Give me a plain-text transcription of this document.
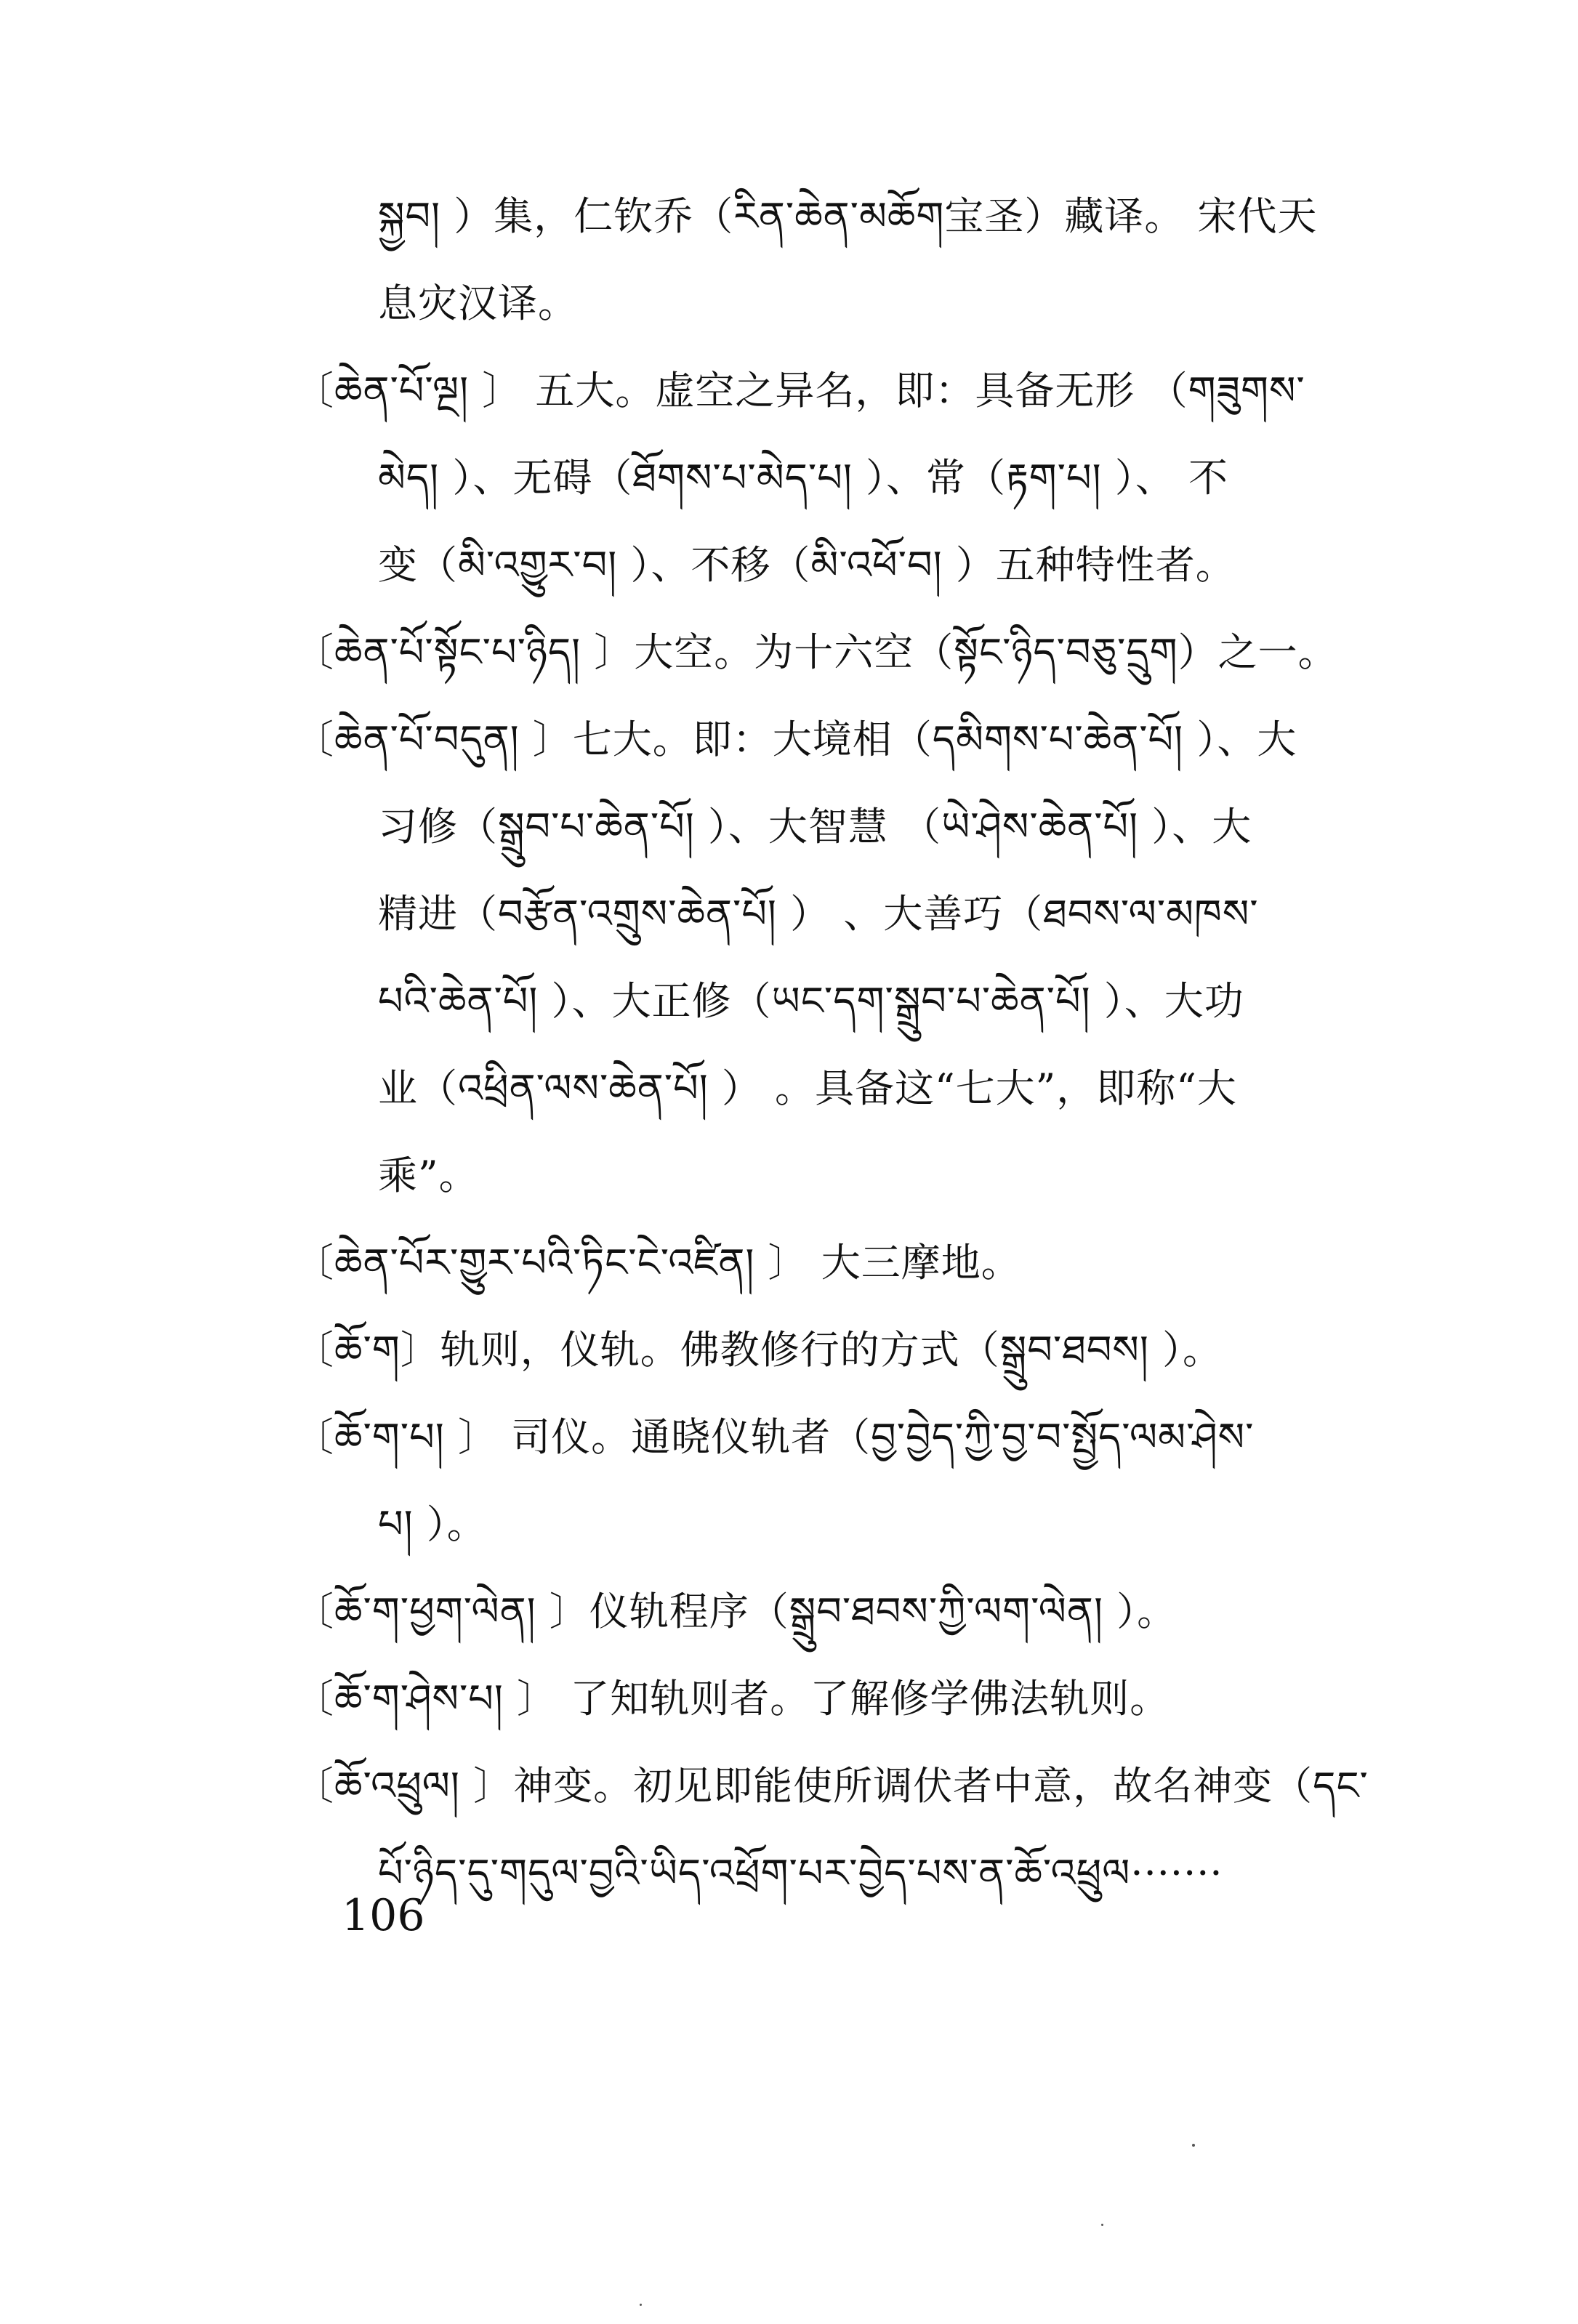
སྐྱབ། ）集，仁钦乔（རིན་ཆེན་མཆོག宝圣）藏译。 宋代天
息灾汉译。
〔ཆེན་པོ་ལྔ། 〕 五大。虚空之异名，即：具备无形 （གཟུགས་
མེད། ）、无碍（ཐོགས་པ་མེད་པ། ）、常（རྟག་པ། ）、 不
变（མི་འགྱུར་བ། ）、不移（མི་འཕོ་བ། ）五种特性者。
〔ཆེན་པོ་སྟོང་པ་ཉིད། 〕大空。为十六空（སྟོང་ཉིད་བཅུ་དྲུག）之一。
〔ཆེན་པོ་བདུན། 〕七大。即：大境相（དམིགས་པ་ཆེན་པོ། ）、大
习修（སྒྲུབ་པ་ཆེན་པོ། ）、大智慧 （ཡེ་ཤེས་ཆེན་པོ། ）、大
精进（བརྩོན་འགྲུས་ཆེན་པོ། ） 、大善巧（ཐབས་ལ་མཁས་
པའི་ཆེན་པོ། ）、大正修（ཡང་དག་སྒྲུབ་པ་ཆེན་པོ། ）、大功
业（འཕྲིན་ལས་ཆེན་པོ། ） 。具备这“七大”，即称“大
乘”。
〔ཆེན་པོར་གྱུར་པའི་ཏིང་ངེ་འཛིན། 〕 大三摩地。
〔ཆོ་ག〕轨则，仪轨。佛教修行的方式（སྒྲུབ་ཐབས། ）。
〔ཆོ་ག་པ། 〕 司仪。通晓仪轨者（བྱ་བྱེད་ཀྱི་བྱ་བ་སྤྱོད་ལམ་ཤེས་
པ། ）。
〔ཆོ་ག་ཕྱག་ལེན། 〕仪轨程序（སྒྲུབ་ཐབས་ཀྱི་ལག་ལེན། ）。
〔ཆོ་ག་ཤེས་པ། 〕 了知轨则者。了解修学佛法轨则。
〔ཆོ་འཕྲུལ། 〕神变。初见即能使所调伏者中意，故名神变（དང་
པོ་ཉིད་དུ་གདུལ་བྱའི་ཡིད་འཕྲོག་པར་བྱེད་པས་ན་ཆོ་འཕྲུལ·······
106
